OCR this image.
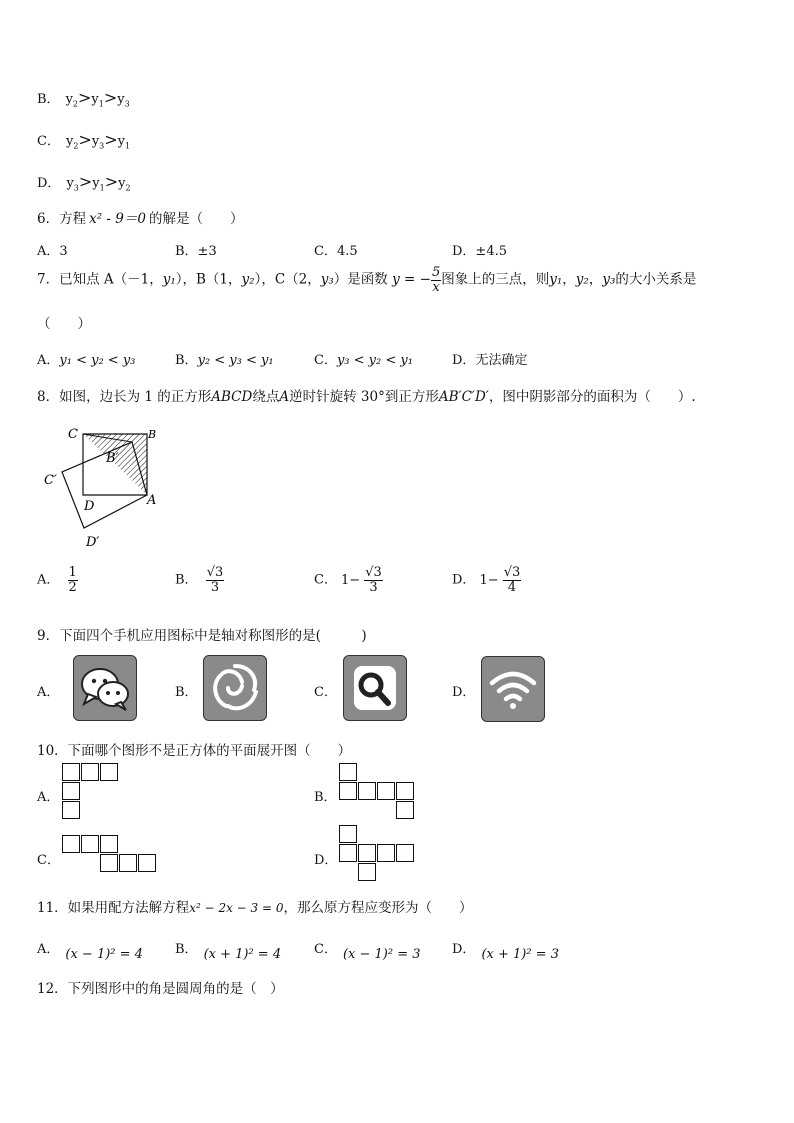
B． $y_2>y_1>y_3$
C． $y_2>y_3>y_1$
D． $y_3>y_1>y_2$
6．方程 x² - 9＝0 的解是（　　）
A．3	B．±3	C．4.5	D．±4.5
7．已知点 A（－1，y₁），B（1，y₂），C（2，y₃）是函数 y = − $\frac{5}{x}$ 图象上的三点，则y₁，y₂，y₃的大小关系是
（　　）
A．y₁ < y₂ < y₃	B．y₂ < y₃ < y₁	C．y₃ < y₂ < y₁	D．无法确定
8．如图，边长为 1 的正方形ABCD绕点A逆时针旋转 30°到正方形AB′C′D′，图中阴影部分的面积为（　　）.
C	B
B′
C′
D	A
D′
A． $\frac{1}{2}$	B． $\frac{√3}{3}$	C． $1- \frac{√3}{3}$	D． $1- \frac{√3}{4}$
9．下面四个手机应用图标中是轴对称图形的是(　　　)
A．	B．	C．	D．
10．下面哪个图形不是正方体的平面展开图（　　）
A．	B．
C．	D．
11．如果用配方法解方程x² − 2x − 3 = 0，那么原方程应变形为（　　）
A． (x − 1)² = 4 B． (x + 1)² = 4	C． (x − 1)² = 3 D． (x + 1)² = 3
12．下列图形中的角是圆周角的是（　）
